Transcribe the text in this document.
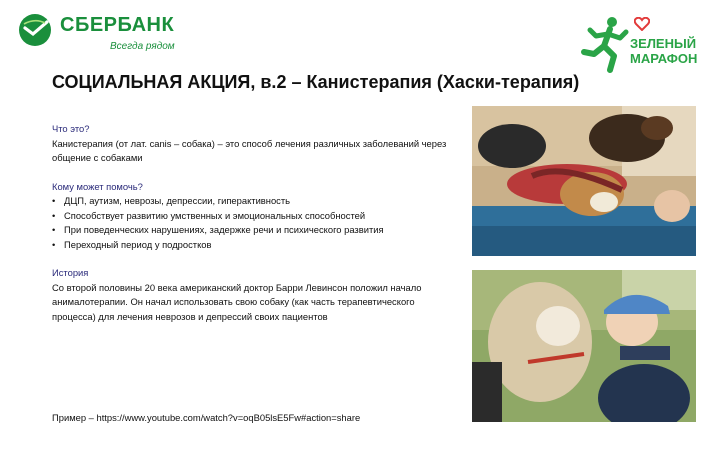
СБЕРБАНК
Всегда рядом	ЗЕЛЕНЫЙ
МАРАФОН
СОЦИАЛЬНАЯ АКЦИЯ, в.2 – Канистерапия (Хаски-терапия)
Что это?
Канистерапия (от лат. canis – собака) – это способ лечения различных заболеваний через общение с собаками
Кому может помочь?
• ДЦП, аутизм, неврозы, депрессии, гиперактивность
• Способствует развитию умственных и эмоциональных способностей
• При поведенческих нарушениях, задержке речи и психического развития
• Переходный период у подростков
История
Со второй половины 20 века американский доктор Барри Левинсон положил начало анималотерапии. Он начал использовать свою собаку (как часть терапевтического процесса) для лечения неврозов и депрессий своих пациентов
Пример – https://www.youtube.com/watch?v=oqB05lsE5Fw#action=share
